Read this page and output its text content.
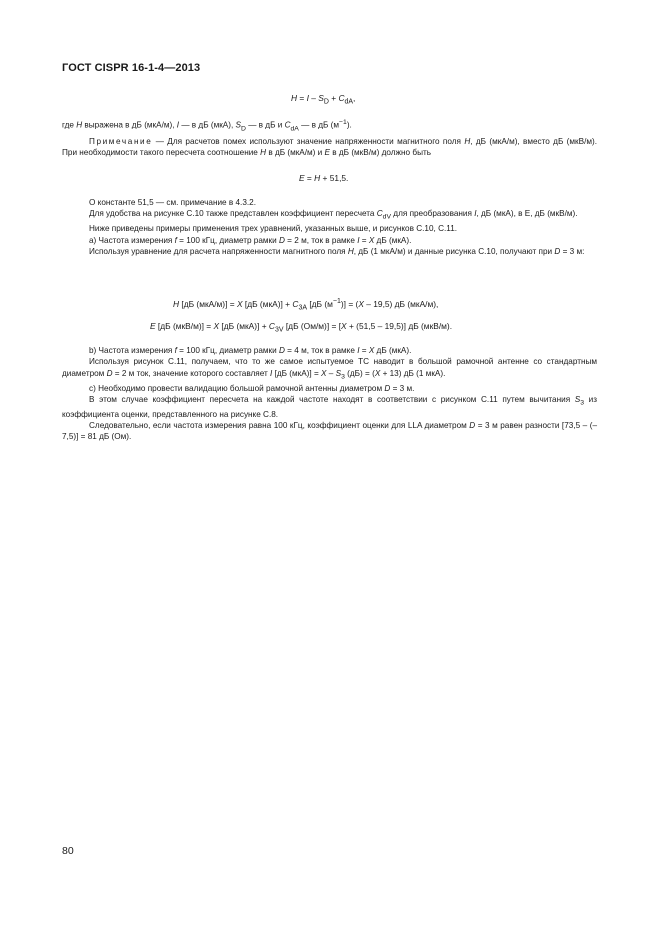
ГОСТ CISPR 16-1-4—2013
$H = I - S_D + C_{dA}$,

где H выражена в дБ (мкА/м), I — в дБ (мкА), $S_D$ — в дБ и $C_{dA}$ — в дБ $(м^{-1})$.

Примечание — Для расчетов помех используют значение напряженности магнитного поля H, дБ (мкА/м), вместо дБ (мкВ/м). При необходимости такого пересчета соотношение H в дБ (мкА/м) и E в дБ (мкВ/м) должно быть

E = H + 51,5.

О константе 51,5 — см. примечание в 4.3.2.

Для удобства на рисунке С.10 также представлен коэффициент пересчета $C_{dV}$ для преобразования I, дБ (мкА), в Е, дБ (мкВ/м).

Ниже приведены примеры применения трех уравнений, указанных выше, и рисунков C.10, C.11.

а) Частота измерения f = 100 кГц, диаметр рамки D = 2 м, ток в рамке I = X дБ (мкА).

Используя уравнение для расчета напряженности магнитного поля H, дБ (1 мкА/м) и данные рисунка С.10, получают при D = 3 м:

H [дБ (мкА/м)] = X [дБ $(мкА)] + C_{3A}$ [дБ $(м^{-1})] = (X - 19,5)$ дБ (мкА/м),
E [дБ (мкВ/м)] = X [дБ $(мкА)] + C_{3V}$ [дБ (Ом/м)] = [X + (51,5 – 19,5)] дБ (мкВ/м).

b) Частота измерения f = 100 кГц, диаметр рамки D = 4 м, ток в рамке I = X дБ (мкА).

Используя рисунок С.11, получаем, что то же самое испытуемое ТС наводит в большой рамочной антенне со стандартным диаметром D = 2 м ток, значение которого составляет I [дБ $(мкА)] = X - S_3$ (дБ) = (X + 13) дБ (1 мкА).

с) Необходимо провести валидацию большой рамочной антенны диаметром D = 3 м.

В этом случае коэффициент пересчета на каждой частоте находят в соответствии с рисунком С.11 путем вычитания $S_3$ из коэффициента оценки, представленного на рисунке С.8.

Следовательно, если частота измерения равна 100 кГц, коэффициент оценки для LLA диаметром D = 3 м равен разности [73,5 – (– 7,5)] = 81 дБ (Ом).

80
